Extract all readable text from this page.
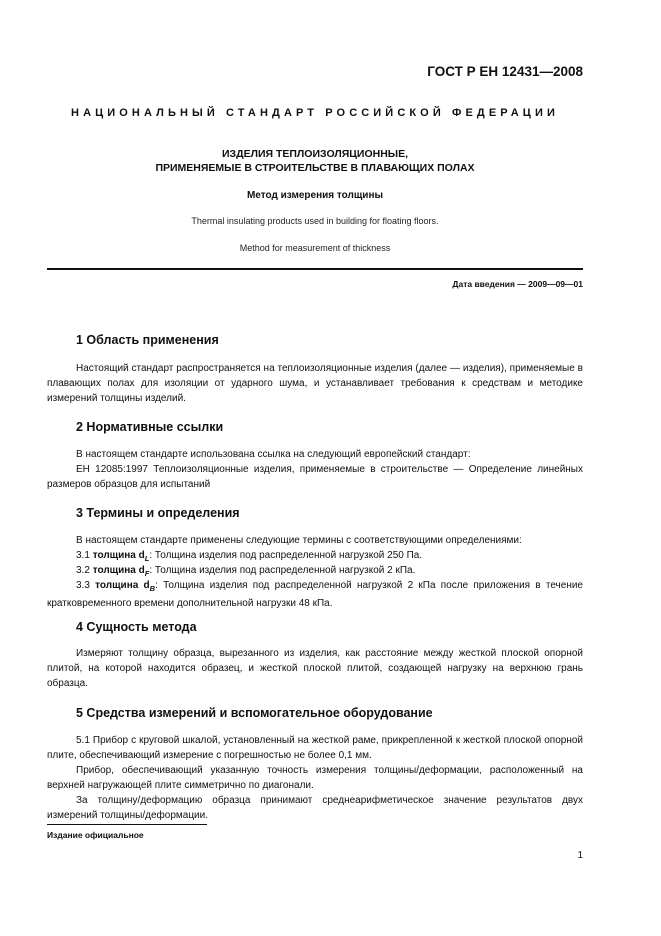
ГОСТ Р ЕН 12431—2008
НАЦИОНАЛЬНЫЙ СТАНДАРТ РОССИЙСКОЙ ФЕДЕРАЦИИ
ИЗДЕЛИЯ ТЕПЛОИЗОЛЯЦИОННЫЕ,
ПРИМЕНЯЕМЫЕ В СТРОИТЕЛЬСТВЕ В ПЛАВАЮЩИХ ПОЛАХ
Метод измерения толщины
Thermal insulating products used in building for floating floors.
Method for measurement of thickness
Дата введения — 2009—09—01
1 Область применения
Настоящий стандарт распространяется на теплоизоляционные изделия (далее — изделия), применяемые в плавающих полах для изоляции от ударного шума, и устанавливает требования к средствам и методике измерений толщины изделий.
2 Нормативные ссылки
В настоящем стандарте использована ссылка на следующий европейский стандарт:
ЕН 12085:1997 Теплоизоляционные изделия, применяемые в строительстве — Определение линейных размеров образцов для испытаний
3 Термины и определения
В настоящем стандарте применены следующие термины с соответствующими определениями:
3.1 толщина $d_L$: Толщина изделия под распределенной нагрузкой 250 Па.
3.2 толщина $d_F$: Толщина изделия под распределенной нагрузкой 2 кПа.
3.3 толщина $d_B$: Толщина изделия под распределенной нагрузкой 2 кПа после приложения в течение кратковременного времени дополнительной нагрузки 48 кПа.
4 Сущность метода
Измеряют толщину образца, вырезанного из изделия, как расстояние между жесткой плоской опорной плитой, на которой находится образец, и жесткой плоской плитой, создающей нагрузку на верхнюю грань образца.
5 Средства измерений и вспомогательное оборудование
5.1 Прибор с круговой шкалой, установленный на жесткой раме, прикрепленной к жесткой плоской опорной плите, обеспечивающий измерение с погрешностью не более 0,1 мм.
Прибор, обеспечивающий указанную точность измерения толщины/деформации, расположенный на верхней нагружающей плите симметрично по диагонали.
За толщину/деформацию образца принимают среднеарифметическое значение результатов двух измерений толщины/деформации.
Издание официальное
1
